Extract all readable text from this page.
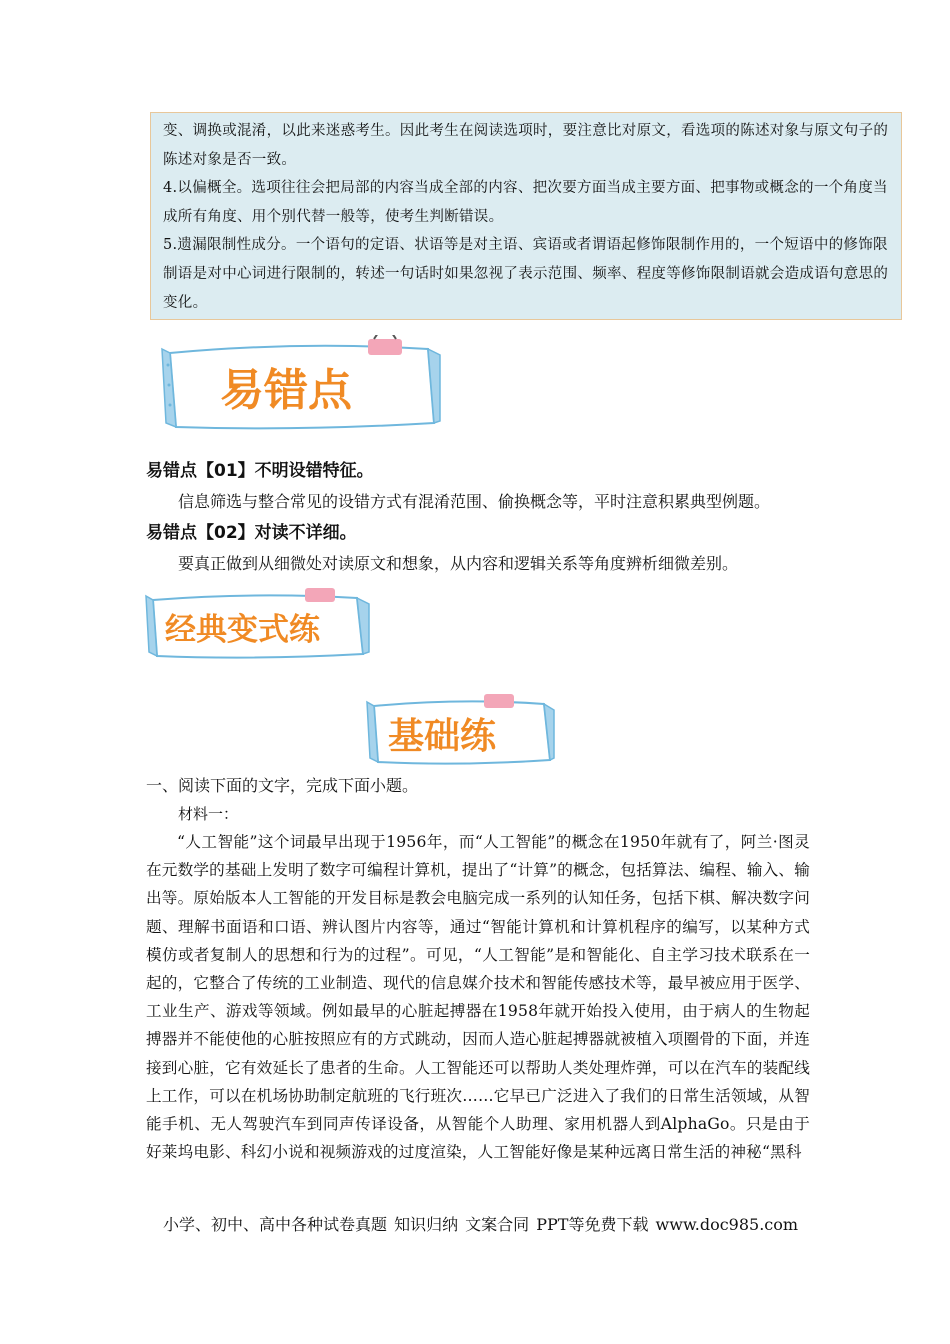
变、调换或混淆，以此来迷惑考生。因此考生在阅读选项时，要注意比对原文，看选项的陈述对象与原文句子的陈述对象是否一致。

4.以偏概全。选项往往会把局部的内容当成全部的内容、把次要方面当成主要方面、把事物或概念的一个角度当成所有角度、用个别代替一般等，使考生判断错误。

5.遗漏限制性成分。一个语句的定语、状语等是对主语、宾语或者谓语起修饰限制作用的，一个短语中的修饰限制语是对中心词进行限制的，转述一句话时如果忽视了表示范围、频率、程度等修饰限制语就会造成语句意思的变化。

易错点
易错点【01】不明设错特征。
信息筛选与整合常见的设错方式有混淆范围、偷换概念等，平时注意积累典型例题。
易错点【02】对读不详细。
要真正做到从细微处对读原文和想象，从内容和逻辑关系等角度辨析细微差别。
经典变式练
基础练
一、阅读下面的文字，完成下面小题。
材料一：
“人工智能”这个词最早出现于1956年，而“人工智能”的概念在1950年就有了，阿兰·图灵在元数学的基础上发明了数字可编程计算机，提出了“计算”的概念，包括算法、编程、输入、输出等。原始版本人工智能的开发目标是教会电脑完成一系列的认知任务，包括下棋、解决数字问题、理解书面语和口语、辨认图片内容等，通过“智能计算机和计算机程序的编写，以某种方式模仿或者复制人的思想和行为的过程”。可见，“人工智能”是和智能化、自主学习技术联系在一起的，它整合了传统的工业制造、现代的信息媒介技术和智能传感技术等，最早被应用于医学、工业生产、游戏等领域。例如最早的心脏起搏器在1958年就开始投入使用，由于病人的生物起搏器并不能使他的心脏按照应有的方式跳动，因而人造心脏起搏器就被植入项圈骨的下面，并连接到心脏，它有效延长了患者的生命。人工智能还可以帮助人类处理炸弹，可以在汽车的装配线上工作，可以在机场协助制定航班的飞行班次……它早已广泛进入了我们的日常生活领域，从智能手机、无人驾驶汽车到同声传译设备，从智能个人助理、家用机器人到AlphaGo。只是由于好莱坞电影、科幻小说和视频游戏的过度渲染，人工智能好像是某种远离日常生活的神秘“黑科
小学、初中、高中各种试卷真题 知识归纳 文案合同 PPT等免费下载 www.doc985.com
